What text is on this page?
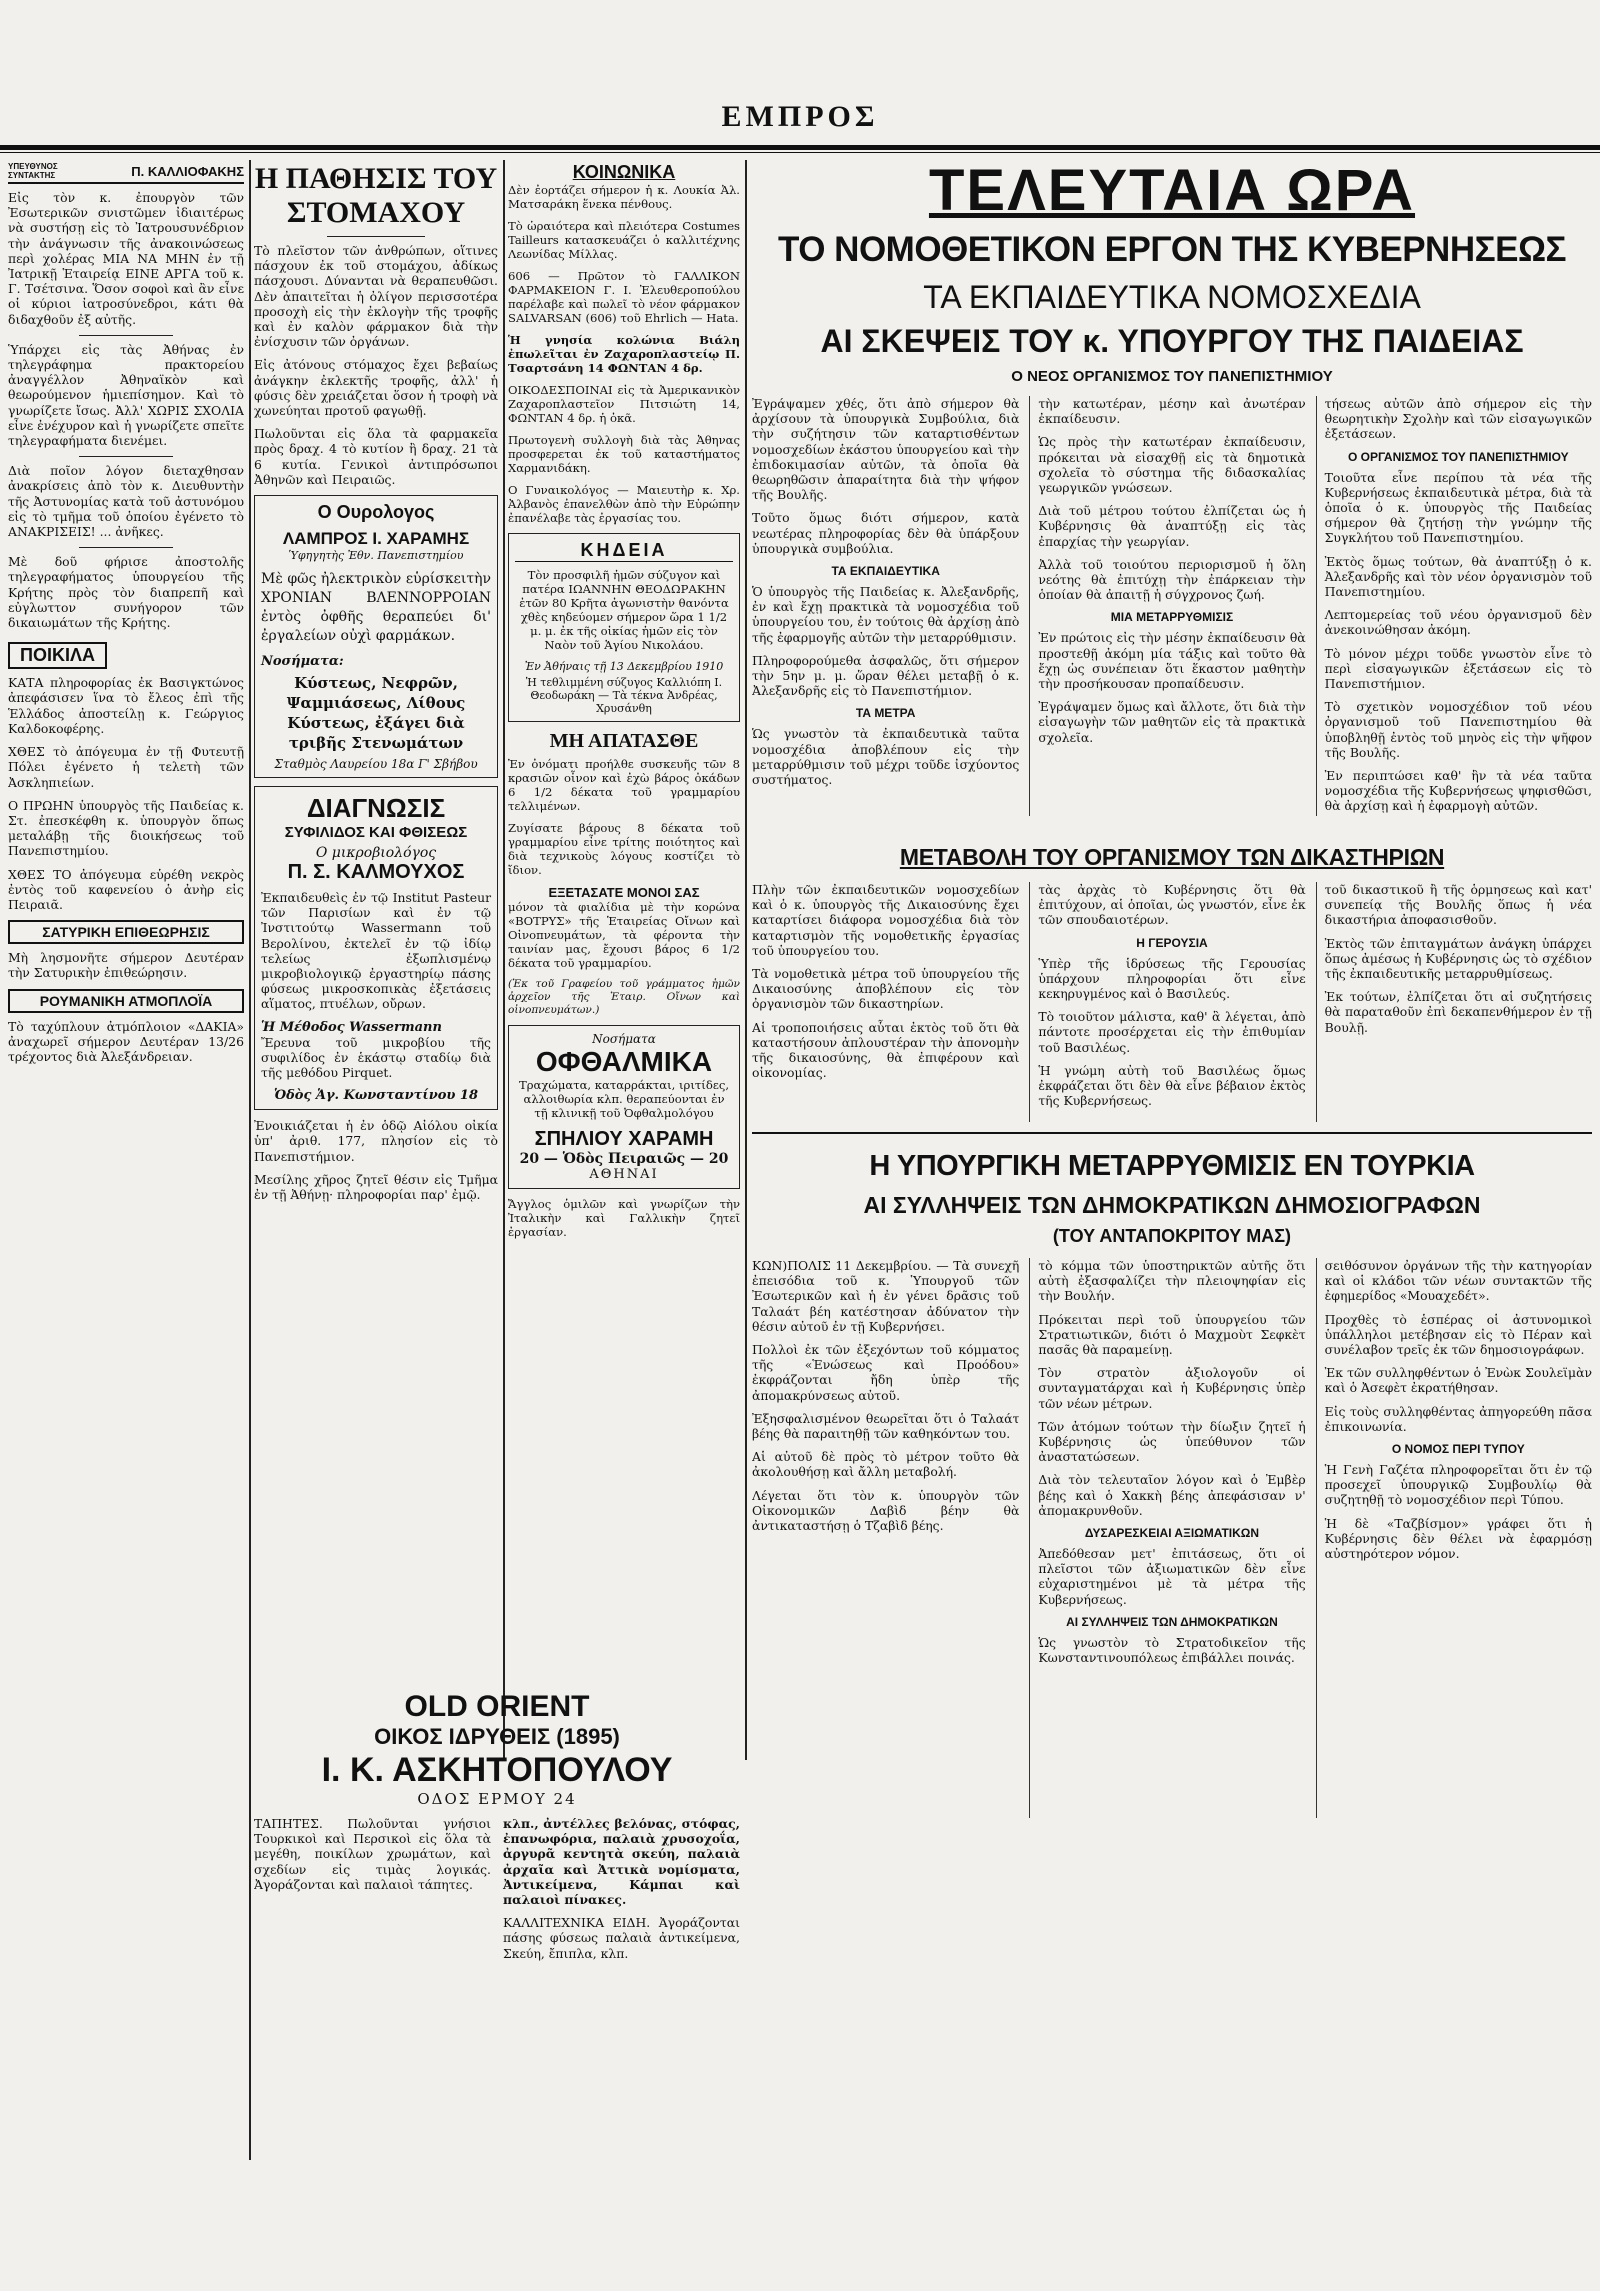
ΕΜΠΡΟΣ
ΥΠΕΥΘΥΝΟΣ ΣΥΝΤΑΚΤΗΣ	Π. ΚΑΛΛΙΟΦΑΚΗΣ

Εἰς τὸν κ. ἐπουργὸν τῶν Ἐσωτερικῶν σνιστῶμεν ἰδιαιτέρως νὰ συστήσῃ εἰς τὸ Ἰατρουσυνέδριον τὴν ἀνάγνωσιν τῆς ἀνακοινώσεως περὶ χολέρας ΜΙΑ ΝΑ ΜΗΝ ἐν τῇ Ἰατρικῇ Ἑταιρείᾳ ΕΙΝΕ ΑΡΓΑ τοῦ κ. Γ. Τσέτσινα. Ὅσον σοφοὶ καὶ ἂν εἶνε οἱ κύριοι ἰατροσύνεδροι, κάτι θὰ διδαχθοῦν ἐξ αὐτῆς.

Ὑπάρχει εἰς τὰς Ἀθήνας ἐν τηλεγράφημα πρακτορείου ἀναγγέλλον Ἀθηναϊκὸν καὶ θεωρούμενον ἡμιεπίσημον. Καὶ τὸ γνωρίζετε ἴσως. Ἀλλ' ΧΩΡΙΣ ΣΧΟΛΙΑ εἶνε ἐνέχυρον καὶ ἡ γνωρίζετε σπεῖτε τηλεγραφήματα διενέμει.

Διὰ ποῖον λόγον διεταχθησαν ἀνακρίσεις ἀπὸ τὸν κ. Διευθυντὴν τῆς Ἀστυνομίας κατὰ τοῦ ἀστυνόμου εἰς τὸ τμῆμα τοῦ ὁποίου ἐγένετο τὸ ΑΝΑΚΡΙΣΕΙΣ! ... ἀνῆκες.

Μὲ δοῦ φήρισε ἀποστολῆς τηλεγραφήματος ὑπουργείου τῆς Κρήτης πρὸς τὸν διαπρεπῆ καὶ εὐγλωττον συνήγορον τῶν δικαιωμάτων τῆς Κρήτης.

ΠΟΙΚΙΛΑ

ΚΑΤΑ πληροφορίας ἐκ Βασιγκτώνος ἀπεφάσισεν ἵνα τὸ ἔλεος ἐπὶ τῆς Ἑλλάδος ἀποστείλῃ κ. Γεώργιος Καλδοκοφέρης.

ΧΘΕΣ τὸ ἀπόγευμα ἐν τῇ Φυτευτῇ Πόλει ἐγένετο ἡ τελετὴ τῶν Ἀσκληπιείων.

Ο ΠΡΩΗΝ ὑπουργὸς τῆς Παιδείας κ. Στ. ἐπεσκέφθη κ. ὑπουργὸν ὅπως μεταλάβῃ τῆς διοικήσεως τοῦ Πανεπιστημίου.

ΧΘΕΣ ΤΟ ἀπόγευμα εὑρέθη νεκρὸς ἐντὸς τοῦ καφενείου ὁ ἀνὴρ εἰς Πειραιᾶ.

ΣΑΤΥΡΙΚΗ ΕΠΙΘΕΩΡΗΣΙΣ

Μὴ λησμονῆτε σήμερον Δευτέραν τὴν Σατυρικὴν ἐπιθεώρησιν.

ΡΟΥΜΑΝΙΚΗ ΑΤΜΟΠΛΟΪΑ

Τὸ ταχύπλουν ἀτμόπλοιον «ΔΑΚΙΑ» ἀναχωρεῖ σήμερον Δευτέραν 13/26 τρέχοντος διὰ Ἀλεξάνδρειαν.

Η ΠΑΘΗΣΙΣ ΤΟΥ ΣΤΟΜΑΧΟΥ

Τὸ πλεῖστον τῶν ἀνθρώπων, οἵτινες πάσχουν ἐκ τοῦ στομάχου, ἀδίκως πάσχουσι. Δύνανται νὰ θεραπευθῶσι. Δὲν ἀπαιτεῖται ἡ ὀλίγον περισσοτέρα προσοχὴ εἰς τὴν ἐκλογὴν τῆς τροφῆς καὶ ἐν καλὸν φάρμακον διὰ τὴν ἐνίσχυσιν τῶν ὀργάνων.

Εἰς ἀτόνους στόμαχος ἔχει βεβαίως ἀνάγκην ἐκλεκτῆς τροφῆς, ἀλλ' ἡ φύσις δὲν χρειάζεται ὅσον ἡ τροφὴ νὰ χωνεύηται προτοῦ φαγωθῇ.

Πωλοῦνται εἰς ὅλα τὰ φαρμακεῖα πρὸς δραχ. 4 τὸ κυτίον ἢ δραχ. 21 τὰ 6 κυτία. Γενικοὶ ἀντιπρόσωποι Ἀθηνῶν καὶ Πειραιῶς.

Ο Ουρολογος
ΛΑΜΠΡΟΣ Ι. ΧΑΡΑΜΗΣ
Ὑφηγητὴς Ἐθν. Πανεπιστημίου

Μὲ φῶς ἠλεκτρικὸν εὑρίσκειτὴν ΧΡΟΝΙΑΝ ΒΛΕΝΝΟΡΡΟΙΑΝ ἐντὸς ὀφθῆς θεραπεύει δι' ἐργαλείων οὐχὶ φαρμάκων.

Νοσήματα:
Κύστεως, Νεφρῶν, Ψαμμιάσεως, Λίθους Κύστεως, ἐξάγει διὰ τριβῆς Στενωμάτων
Σταθμὸς Λαυρείου 18α Γ' Σβήβου
ΔΙΑΓΝΩΣΙΣ
ΣΥΦΙΛΙΔΟΣ ΚΑΙ ΦΘΙΣΕΩΣ
Ο μικροβιολόγος
Π. Σ. ΚΑΛΜΟΥΧΟΣ

Ἐκπαιδευθεὶς ἐν τῷ Institut Pasteur τῶν Παρισίων καὶ ἐν τῷ Ἰνστιτούτῳ Wassermann τοῦ Βερολίνου, ἐκτελεῖ ἐν τῷ ἰδίῳ τελείως ἐξωπλισμένῳ μικροβιολογικῷ ἐργαστηρίῳ πάσης φύσεως μικροσκοπικὰς ἐξετάσεις αἵματος, πτυέλων, οὔρων.

Ἡ Μέθοδος Wassermann

Ἔρευνα τοῦ μικροβίου τῆς συφιλίδος ἐν ἑκάστῳ σταδίῳ διὰ τῆς μεθόδου Pirquet.

Ὁδὸς Ἁγ. Κωνσταντίνου 18

Ἐνοικιάζεται ἡ ἐν ὁδῷ Αἰόλου οἰκία ὑπ' ἀριθ. 177, πλησίον εἰς τὸ Πανεπιστήμιον.

Μεσίλης χῆρος ζητεῖ θέσιν εἰς Τμῆμα ἐν τῇ Ἀθήνῃ· πληροφορίαι παρ' ἐμῷ.

ΚΟΙΝΩΝΙΚΑ

Δὲν ἐορτάζει σήμερον ἡ κ. Λουκία Ἀλ. Ματσαράκη ἕνεκα πένθους.

Τὸ ὡραιότερα καὶ πλειότερα Costumes Tailleurs κατασκευάζει ὁ καλλιτέχνης Λεωνίδας Μίλλας.

606 — Πρῶτον τὸ ΓΑΛΛΙΚΟΝ ΦΑΡΜΑΚΕΙΟΝ Γ. Ι. Ἐλευθεροπούλου παρέλαβε καὶ πωλεῖ τὸ νέον φάρμακον SALVARSAN (606) τοῦ Ehrlich — Hata.

Ἡ γνησία κολώνια Βιάλη ἐπωλεῖται ἐν Ζαχαροπλαστείῳ Π. Τσαρτσάνη 14 ΦΩΝΤΑΝ 4 δρ.

ΟΙΚΟΔΕΣΠΟΙΝΑΙ εἰς τὰ Ἀμερικανικὸν Ζαχαροπλαστεῖον Πιτσιώτη 14, ΦΩΝΤΑΝ 4 δρ. ἡ ὀκᾶ.

Πρωτογενὴ συλλογὴ διὰ τὰς Ἀθηνας προσφερεται ἐκ τοῦ καταστήματος Χαρμανιδάκη.

Ο Γυναικολόγος — Μαιευτὴρ κ. Χρ. Ἀλβανὸς ἐπανελθὼν ἀπὸ τὴν Εὐρώπην ἐπανέλαβε τὰς ἐργασίας του.

ΚΗΔΕΙΑ

Τὸν προσφιλῆ ἡμῶν σύζυγον καὶ πατέρα ΙΩΑΝΝΗΝ ΘΕΟΔΩΡΑΚΗΝ ἐτῶν 80 Κρῆτα ἀγωνιστὴν θανόντα χθὲς κηδεύομεν σήμερον ὥρα 1 1/2 μ. μ. ἐκ τῆς οἰκίας ἡμῶν εἰς τὸν Ναὸν τοῦ Ἁγίου Νικολάου.

Ἐν Ἀθήναις τῇ 13 Δεκεμβρίου 1910
Ἡ τεθλιμμένη σύζυγος Καλλιόπη Ι. Θεοδωράκη — Τὰ τέκνα Ἀνδρέας, Χρυσάνθη
ΜΗ ΑΠΑΤΑΣΘΕ

Ἐν ὀνόματι προήλθε συσκευῆς τῶν 8 κρασιῶν οἶνον καὶ ἐχὼ βάρος ὀκάδων 6 1/2 δέκατα τοῦ γραμμαρίου τελλιμένων.

Ζυγίσατε βάρους 8 δέκατα τοῦ γραμμαρίου εἶνε τρίτης ποιότητος καὶ διὰ τεχνικοὺς λόγους κοστίζει τὸ ἴδιον.

ΕΞΕΤΑΣΑΤΕ ΜΟΝΟΙ ΣΑΣ

μόνον τὰ φιαλίδια μὲ τὴν κορώνα «ΒΟΤΡΥΣ» τῆς Ἑταιρείας Οἴνων καὶ Οἰνοπνευμάτων, τὰ φέροντα τὴν ταινίαν μας, ἔχουσι βάρος 6 1/2 δέκατα τοῦ γραμμαρίου.

(Ἐκ τοῦ Γραφείου τοῦ γράμματος ἡμῶν ἀρχεῖον τῆς Ἑταιρ. Οἴνων καὶ οἰνοπνευμάτων.)

Νοσήματα
ΟΦΘΑΛΜΙΚΑ

Τραχώματα, καταρράκται, ιριτίδες, αλλοιθωρία κλπ. θεραπεύονται ἐν τῇ κλινικῇ τοῦ Ὀφθαλμολόγου

ΣΠΗΛΙΟΥ ΧΑΡΑΜΗ
20 — Ὁδὸς Πειραιῶς — 20
ΑΘΗΝΑΙ

Ἄγγλος ὁμιλῶν καὶ γνωρίζων τὴν Ἰταλικὴν καὶ Γαλλικὴν ζητεῖ ἐργασίαν.

OLD ORIENT
ΟΙΚΟΣ ΙΔΡΥΘΕΙΣ (1895)
Ι. Κ. ΑΣΚΗΤΟΠΟΥΛΟΥ
ΟΔΟΣ ΕΡΜΟΥ 24

ΤΑΠΗΤΕΣ. Πωλοῦνται γνήσιοι Τουρκικοὶ καὶ Περσικοὶ εἰς ὅλα τὰ μεγέθη, ποικίλων χρωμάτων, καὶ σχεδίων εἰς τιμὰς λογικάς. Ἀγοράζονται καὶ παλαιοὶ τάπητες.

κλπ., ἀντέλλες βελόνας, στόφας, ἐπανωφόρια, παλαιὰ χρυσοχοΐα, ἀργυρᾶ κεντητὰ σκεύη, παλαιὰ ἀρχαῖα καὶ Ἀττικὰ νομίσματα, Ἀντικείμενα, Κάμπαι καὶ παλαιοὶ πίνακες.

ΚΑΛΛΙΤΕΧΝΙΚΑ ΕΙΔΗ. Ἀγοράζονται πάσης φύσεως παλαιὰ ἀντικείμενα, Σκεύη, ἔπιπλα, κλπ.

ΤΕΛΕΥΤΑΙΑ ΩΡΑ
ΤΟ ΝΟΜΟΘΕΤΙΚΟΝ ΕΡΓΟΝ ΤΗΣ ΚΥΒΕΡΝΗΣΕΩΣ
ΤΑ ΕΚΠΑΙΔΕΥΤΙΚΑ ΝΟΜΟΣΧΕΔΙΑ
ΑΙ ΣΚΕΨΕΙΣ ΤΟΥ κ. ΥΠΟΥΡΓΟΥ ΤΗΣ ΠΑΙΔΕΙΑΣ
Ο ΝΕΟΣ ΟΡΓΑΝΙΣΜΟΣ ΤΟΥ ΠΑΝΕΠΙΣΤΗΜΙΟΥ

Ἐγράψαμεν χθές, ὅτι ἀπὸ σήμερον θὰ ἀρχίσουν τὰ ὑπουργικὰ Συμβούλια, διὰ τὴν συζήτησιν τῶν καταρτισθέντων νομοσχεδίων ἑκάστου ὑπουργείου καὶ τὴν ἐπιδοκιμασίαν αὐτῶν, τὰ ὁποῖα θὰ θεωρηθῶσιν ἀπαραίτητα διὰ τὴν ψήφον τῆς Βουλῆς.

Τοῦτο ὅμως διότι σήμερον, κατὰ νεωτέρας πληροφορίας δὲν θὰ ὑπάρξουν ὑπουργικὰ συμβούλια.

ΤΑ ΕΚΠΑΙΔΕΥΤΙΚΑ

Ὁ ὑπουργὸς τῆς Παιδείας κ. Ἀλεξανδρῆς, ἐν καὶ ἔχῃ πρακτικὰ τὰ νομοσχέδια τοῦ ὑπουργείου του, ἐν τούτοις θὰ ἀρχίσῃ ἀπὸ τῆς ἐφαρμογῆς αὐτῶν τὴν μεταρρύθμισιν.

Πληροφορούμεθα ἀσφαλῶς, ὅτι σήμερον τὴν 5ην μ. μ. ὥραν θέλει μεταβῇ ὁ κ. Ἀλεξανδρῆς εἰς τὸ Πανεπιστήμιον.

ΤΑ ΜΕΤΡΑ

Ὡς γνωστὸν τὰ ἐκπαιδευτικὰ ταῦτα νομοσχέδια ἀποβλέπουν εἰς τὴν μεταρρύθμισιν τοῦ μέχρι τοῦδε ἰσχύοντος συστήματος.

τὴν κατωτέραν, μέσην καὶ ἀνωτέραν ἐκπαίδευσιν.

Ὡς πρὸς τὴν κατωτέραν ἐκπαίδευσιν, πρόκειται νὰ εἰσαχθῇ εἰς τὰ δημοτικὰ σχολεῖα τὸ σύστημα τῆς διδασκαλίας γεωργικῶν γνώσεων.

Διὰ τοῦ μέτρου τούτου ἐλπίζεται ὡς ἡ Κυβέρνησις θὰ ἀναπτύξῃ εἰς τὰς ἐπαρχίας τὴν γεωργίαν.

Ἀλλὰ τοῦ τοιούτου περιορισμοῦ ἡ ὅλη νεότης θὰ ἐπιτύχῃ τὴν ἐπάρκειαν τὴν ὁποίαν θὰ ἀπαιτῇ ἡ σύγχρονος ζωή.

ΜΙΑ ΜΕΤΑΡΡΥΘΜΙΣΙΣ

Ἐν πρώτοις εἰς τὴν μέσην ἐκπαίδευσιν θὰ προστεθῇ ἀκόμη μία τάξις καὶ τοῦτο θὰ ἔχῃ ὡς συνέπειαν ὅτι ἕκαστον μαθητὴν τὴν προσήκουσαν προπαίδευσιν.

Ἐγράψαμεν ὅμως καὶ ἄλλοτε, ὅτι διὰ τὴν εἰσαγωγὴν τῶν μαθητῶν εἰς τὰ πρακτικὰ σχολεῖα.

τήσεως αὐτῶν ἀπὸ σήμερον εἰς τὴν θεωρητικὴν Σχολὴν καὶ τῶν εἰσαγωγικῶν ἐξετάσεων.

Ο ΟΡΓΑΝΙΣΜΟΣ ΤΟΥ ΠΑΝΕΠΙΣΤΗΜΙΟΥ

Τοιοῦτα εἶνε περίπου τὰ νέα τῆς Κυβερνήσεως ἐκπαιδευτικὰ μέτρα, διὰ τὰ ὁποῖα ὁ κ. ὑπουργὸς τῆς Παιδείας σήμερον θὰ ζητήσῃ τὴν γνώμην τῆς Συγκλήτου τοῦ Πανεπιστημίου.

Ἐκτὸς ὅμως τούτων, θὰ ἀναπτύξῃ ὁ κ. Ἀλεξανδρῆς καὶ τὸν νέον ὀργανισμὸν τοῦ Πανεπιστημίου.

Λεπτομερείας τοῦ νέου ὀργανισμοῦ δὲν ἀνεκοινώθησαν ἀκόμη.

Τὸ μόνον μέχρι τοῦδε γνωστὸν εἶνε τὸ περὶ εἰσαγωγικῶν ἐξετάσεων εἰς τὸ Πανεπιστήμιον.

Τὸ σχετικὸν νομοσχέδιον τοῦ νέου ὀργανισμοῦ τοῦ Πανεπιστημίου θὰ ὑποβληθῇ ἐντὸς τοῦ μηνὸς εἰς τὴν ψῆφον τῆς Βουλῆς.

Ἐν περιπτώσει καθ' ἣν τὰ νέα ταῦτα νομοσχέδια τῆς Κυβερνήσεως ψηφισθῶσι, θὰ ἀρχίσῃ καὶ ἡ ἐφαρμογὴ αὐτῶν.

ΜΕΤΑΒΟΛΗ ΤΟΥ ΟΡΓΑΝΙΣΜΟΥ ΤΩΝ ΔΙΚΑΣΤΗΡΙΩΝ

Πλὴν τῶν ἐκπαιδευτικῶν νομοσχεδίων καὶ ὁ κ. ὑπουργὸς τῆς Δικαιοσύνης ἔχει καταρτίσει διάφορα νομοσχέδια διὰ τὸν καταρτισμὸν τῆς νομοθετικῆς ἐργασίας τοῦ ὑπουργείου του.

Τὰ νομοθετικὰ μέτρα τοῦ ὑπουργείου τῆς Δικαιοσύνης ἀποβλέπουν εἰς τὸν ὀργανισμὸν τῶν δικαστηρίων.

Αἱ τροποποιήσεις αὗται ἐκτὸς τοῦ ὅτι θὰ καταστήσουν ἀπλουστέραν τὴν ἀπονομὴν τῆς δικαιοσύνης, θὰ ἐπιφέρουν καὶ οἰκονομίας.

τὰς ἀρχὰς τὸ Κυβέρνησις ὅτι θὰ ἐπιτύχουν, αἱ ὁποῖαι, ὡς γνωστόν, εἶνε ἐκ τῶν σπουδαιοτέρων.

Η ΓΕΡΟΥΣΙΑ

Ὑπὲρ τῆς ἱδρύσεως τῆς Γερουσίας ὑπάρχουν πληροφορίαι ὅτι εἶνε κεκηρυγμένος καὶ ὁ Βασιλεύς.

Τὸ τοιοῦτον μάλιστα, καθ' ἃ λέγεται, ἀπὸ πάντοτε προσέρχεται εἰς τὴν ἐπιθυμίαν τοῦ Βασιλέως.

Ἡ γνώμη αὐτὴ τοῦ Βασιλέως ὅμως ἐκφράζεται ὅτι δὲν θὰ εἶνε βέβαιον ἐκτὸς τῆς Κυβερνήσεως.

τοῦ δικαστικοῦ ἢ τῆς ὁρμησεως καὶ κατ' συνεπείᾳ τῆς Βουλῆς ὅπως ἡ νέα δικαστήρια ἀποφασισθοῦν.

Ἐκτὸς τῶν ἐπιταγμάτων ἀνάγκη ὑπάρχει ὅπως ἀμέσως ἡ Κυβέρνησις ὡς τὸ σχέδιον τῆς ἐκπαιδευτικῆς μεταρρυθμίσεως.

Ἐκ τούτων, ἐλπίζεται ὅτι αἱ συζητήσεις θὰ παραταθοῦν ἐπὶ δεκαπενθήμερον ἐν τῇ Βουλῇ.

Η ΥΠΟΥΡΓΙΚΗ ΜΕΤΑΡΡΥΘΜΙΣΙΣ ΕΝ ΤΟΥΡΚΙΑ
ΑΙ ΣΥΛΛΗΨΕΙΣ ΤΩΝ ΔΗΜΟΚΡΑΤΙΚΩΝ ΔΗΜΟΣΙΟΓΡΑΦΩΝ
(ΤΟΥ ΑΝΤΑΠΟΚΡΙΤΟΥ ΜΑΣ)

ΚΩΝ)ΠΟΛΙΣ 11 Δεκεμβρίου. — Τὰ συνεχῆ ἐπεισόδια τοῦ κ. Ὑπουργοῦ τῶν Ἐσωτερικῶν καὶ ἡ ἐν γένει δρᾶσις τοῦ Ταλαάτ βέη κατέστησαν ἀδύνατον τὴν θέσιν αὐτοῦ ἐν τῇ Κυβερνήσει.

Πολλοὶ ἐκ τῶν ἐξεχόντων τοῦ κόμματος τῆς «Ἑνώσεως καὶ Προόδου» ἐκφράζονται ἤδη ὑπὲρ τῆς ἀπομακρύνσεως αὐτοῦ.

Ἐξησφαλισμένον θεωρεῖται ὅτι ὁ Ταλαάτ βέης θὰ παραιτηθῇ τῶν καθηκόντων του.

Αἱ αὐτοῦ δὲ πρὸς τὸ μέτρον τοῦτο θὰ ἀκολουθήσῃ καὶ ἄλλη μεταβολή.

Λέγεται ὅτι τὸν κ. ὑπουργὸν τῶν Οἰκονομικῶν Δαβὶδ βέην θὰ ἀντικαταστήσῃ ὁ Τζαβὶδ βέης.

τὸ κόμμα τῶν ὑποστηρικτῶν αὐτῆς ὅτι αὐτὴ ἐξασφαλίζει τὴν πλειοψηφίαν εἰς τὴν Βουλήν.

Πρόκειται περὶ τοῦ ὑπουργείου τῶν Στρατιωτικῶν, διότι ὁ Μαχμοὺτ Σεφκὲτ πασᾶς θὰ παραμείνῃ.

Τὸν στρατὸν ἀξιολογοῦν οἱ συνταγματάρχαι καὶ ἡ Κυβέρνησις ὑπὲρ τῶν νέων μέτρων.

Τῶν ἀτόμων τούτων τὴν δίωξιν ζητεῖ ἡ Κυβέρνησις ὡς ὑπεύθυνον τῶν ἀναστατώσεων.

Διὰ τὸν τελευταῖον λόγον καὶ ὁ Ἐμβὲρ βέης καὶ ὁ Χακκὴ βέης ἀπεφάσισαν ν' ἀπομακρυνθοῦν.

ΔΥΣΑΡΕΣΚΕΙΑΙ ΑΞΙΩΜΑΤΙΚΩΝ

Ἀπεδόθεσαν μετ' ἐπιτάσεως, ὅτι οἱ πλεῖστοι τῶν ἀξιωματικῶν δὲν εἶνε εὐχαριστημένοι μὲ τὰ μέτρα τῆς Κυβερνήσεως.

ΑΙ ΣΥΛΛΗΨΕΙΣ ΤΩΝ ΔΗΜΟΚΡΑΤΙΚΩΝ

Ὡς γνωστὸν τὸ Στρατοδικεῖον τῆς Κωνσταντινουπόλεως ἐπιβάλλει ποινάς.

σειθόσυνον ὀργάνων τῆς τὴν κατηγορίαν καὶ οἱ κλάδοι τῶν νέων συντακτῶν τῆς ἐφημερίδος «Μουαχεδέτ».

Προχθὲς τὸ ἑσπέρας οἱ ἀστυνομικοὶ ὑπάλληλοι μετέβησαν εἰς τὸ Πέραν καὶ συνέλαβον τρεῖς ἐκ τῶν δημοσιογράφων.

Ἐκ τῶν συλληφθέντων ὁ Ἐνὼκ Σουλεϊμὰν καὶ ὁ Ἀσεφὲτ ἐκρατήθησαν.

Εἰς τοὺς συλληφθέντας ἀπηγορεύθη πᾶσα ἐπικοινωνία.

Ο ΝΟΜΟΣ ΠΕΡΙ ΤΥΠΟΥ

Ἡ Γενὴ Γαζέτα πληροφορεῖται ὅτι ἐν τῷ προσεχεῖ ὑπουργικῷ Συμβουλίῳ θὰ συζητηθῇ τὸ νομοσχέδιον περὶ Τύπου.

Ἡ δὲ «Ταζβίσμον» γράφει ὅτι ἡ Κυβέρνησις δὲν θέλει νὰ ἐφαρμόσῃ αὐστηρότερον νόμον.
